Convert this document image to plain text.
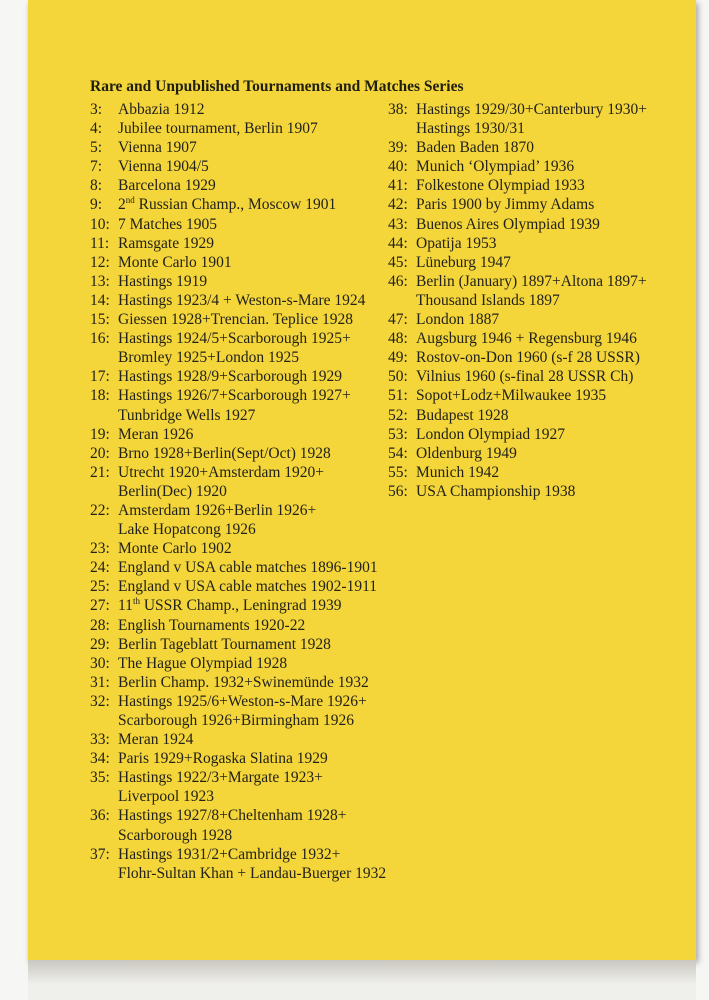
Rare and Unpublished Tournaments and Matches Series
3: Abbazia 1912
4: Jubilee tournament, Berlin 1907
5: Vienna 1907
7: Vienna 1904/5
8: Barcelona 1929
9: 2nd Russian Champ., Moscow 1901
10: 7 Matches 1905
11: Ramsgate 1929
12: Monte Carlo 1901
13: Hastings 1919
14: Hastings 1923/4 + Weston-s-Mare 1924
15: Giessen 1928+Trencian. Teplice 1928
16: Hastings 1924/5+Scarborough 1925+
Bromley 1925+London 1925
17: Hastings 1928/9+Scarborough 1929
18: Hastings 1926/7+Scarborough 1927+
Tunbridge Wells 1927
19: Meran 1926
20: Brno 1928+Berlin(Sept/Oct) 1928
21: Utrecht 1920+Amsterdam 1920+
Berlin(Dec) 1920
22: Amsterdam 1926+Berlin 1926+
Lake Hopatcong 1926
23: Monte Carlo 1902
24: England v USA cable matches 1896-1901
25: England v USA cable matches 1902-1911
27: 11th USSR Champ., Leningrad 1939
28: English Tournaments 1920-22
29: Berlin Tageblatt Tournament 1928
30: The Hague Olympiad 1928
31: Berlin Champ. 1932+Swinemünde 1932
32: Hastings 1925/6+Weston-s-Mare 1926+
Scarborough 1926+Birmingham 1926
33: Meran 1924
34: Paris 1929+Rogaska Slatina 1929
35: Hastings 1922/3+Margate 1923+
Liverpool 1923
36: Hastings 1927/8+Cheltenham 1928+
Scarborough 1928
37: Hastings 1931/2+Cambridge 1932+
Flohr-Sultan Khan + Landau-Buerger 1932
38: Hastings 1929/30+Canterbury 1930+
Hastings 1930/31
39: Baden Baden 1870
40: Munich ‘Olympiad’ 1936
41: Folkestone Olympiad 1933
42: Paris 1900 by Jimmy Adams
43: Buenos Aires Olympiad 1939
44: Opatija 1953
45: Lüneburg 1947
46: Berlin (January) 1897+Altona 1897+
Thousand Islands 1897
47: London 1887
48: Augsburg 1946 + Regensburg 1946
49: Rostov-on-Don 1960 (s-f 28 USSR)
50: Vilnius 1960 (s-final 28 USSR Ch)
51: Sopot+Lodz+Milwaukee 1935
52: Budapest 1928
53: London Olympiad 1927
54: Oldenburg 1949
55: Munich 1942
56: USA Championship 1938
